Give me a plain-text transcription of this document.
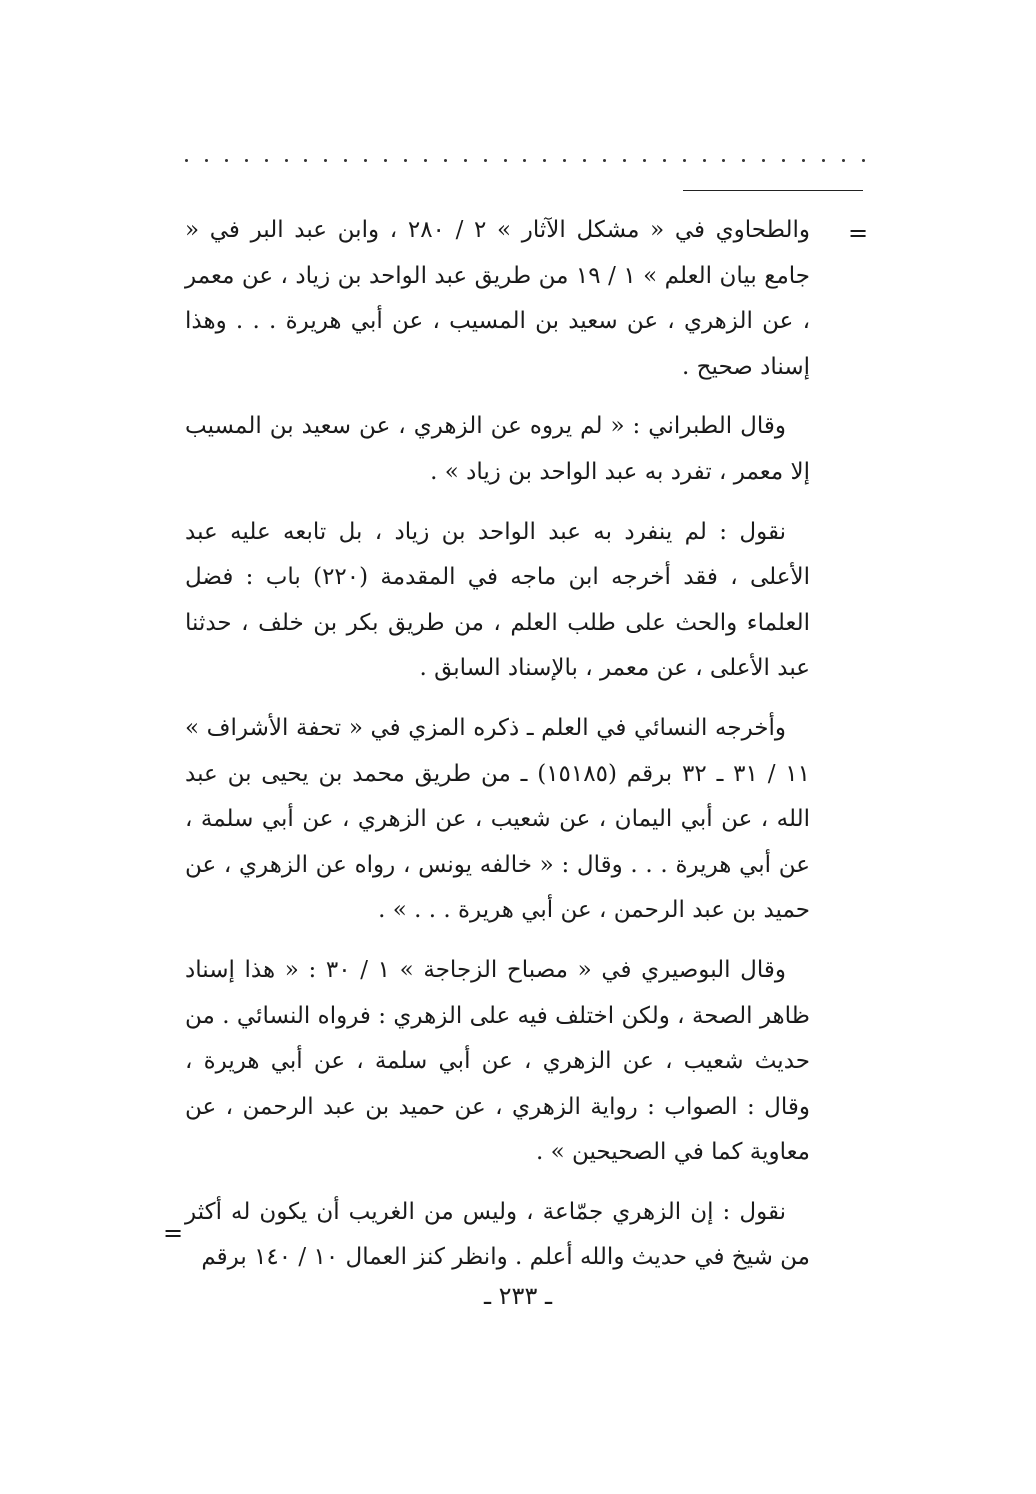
=

والطحاوي في « مشكل الآثار » ٢ / ٢٨٠ ، وابن عبد البر في « جامع بيان العلم » ١ / ١٩ من طريق عبد الواحد بن زياد ، عن معمر ، عن الزهري ، عن سعيد بن المسيب ، عن أبي هريرة . . . وهذا إسناد صحيح .

وقال الطبراني : « لم يروه عن الزهري ، عن سعيد بن المسيب إلا معمر ، تفرد به عبد الواحد بن زياد » .

نقول : لم ينفرد به عبد الواحد بن زياد ، بل تابعه عليه عبد الأعلى ، فقد أخرجه ابن ماجه في المقدمة (٢٢٠) باب : فضل العلماء والحث على طلب العلم ، من طريق بكر بن خلف ، حدثنا عبد الأعلى ، عن معمر ، بالإسناد السابق .

وأخرجه النسائي في العلم ـ ذكره المزي في « تحفة الأشراف » ١١ / ٣١ ـ ٣٢ برقم (١٥١٨٥) ـ من طريق محمد بن يحيى بن عبد الله ، عن أبي اليمان ، عن شعيب ، عن الزهري ، عن أبي سلمة ، عن أبي هريرة . . . وقال : « خالفه يونس ، رواه عن الزهري ، عن حميد بن عبد الرحمن ، عن أبي هريرة . . . » .

وقال البوصيري في « مصباح الزجاجة » ١ / ٣٠ : « هذا إسناد ظاهر الصحة ، ولكن اختلف فيه على الزهري : فرواه النسائي . من حديث شعيب ، عن الزهري ، عن أبي سلمة ، عن أبي هريرة ، وقال : الصواب : رواية الزهري ، عن حميد بن عبد الرحمن ، عن معاوية كما في الصحيحين » .

نقول : إن الزهري جمّاعة ، وليس من الغريب أن يكون له أكثر من شيخ في حديث والله أعلم . وانظر كنز العمال ١٠ / ١٤٠ برقم

=
ـ ٢٣٣ ـ
